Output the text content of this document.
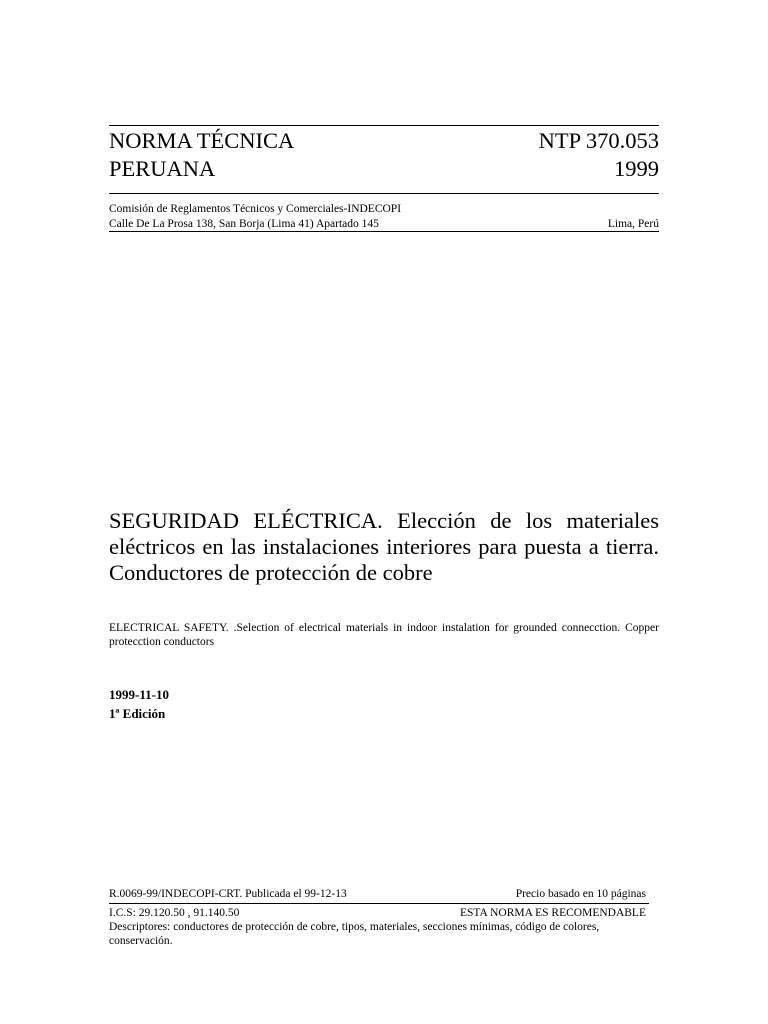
NORMA TÉCNICA
PERUANA
NTP 370.053
1999
Comisión de Reglamentos Técnicos y Comerciales-INDECOPI
Calle De La Prosa 138, San Borja (Lima 41) Apartado 145	Lima, Perú
SEGURIDAD ELÉCTRICA. Elección de los materiales eléctricos en las instalaciones interiores para puesta a tierra. Conductores de protección de cobre
ELECTRICAL SAFETY. .Selection of electrical materials in indoor instalation for grounded connecction. Copper protecction conductors
1999-11-10
1ª Edición
R.0069-99/INDECOPI-CRT. Publicada el 99-12-13	Precio basado en 10 páginas
I.C.S: 29.120.50 , 91.140.50	ESTA NORMA ES RECOMENDABLE
Descriptores: conductores de protección de cobre, tipos, materiales, secciones mínimas, código de colores, conservación.
